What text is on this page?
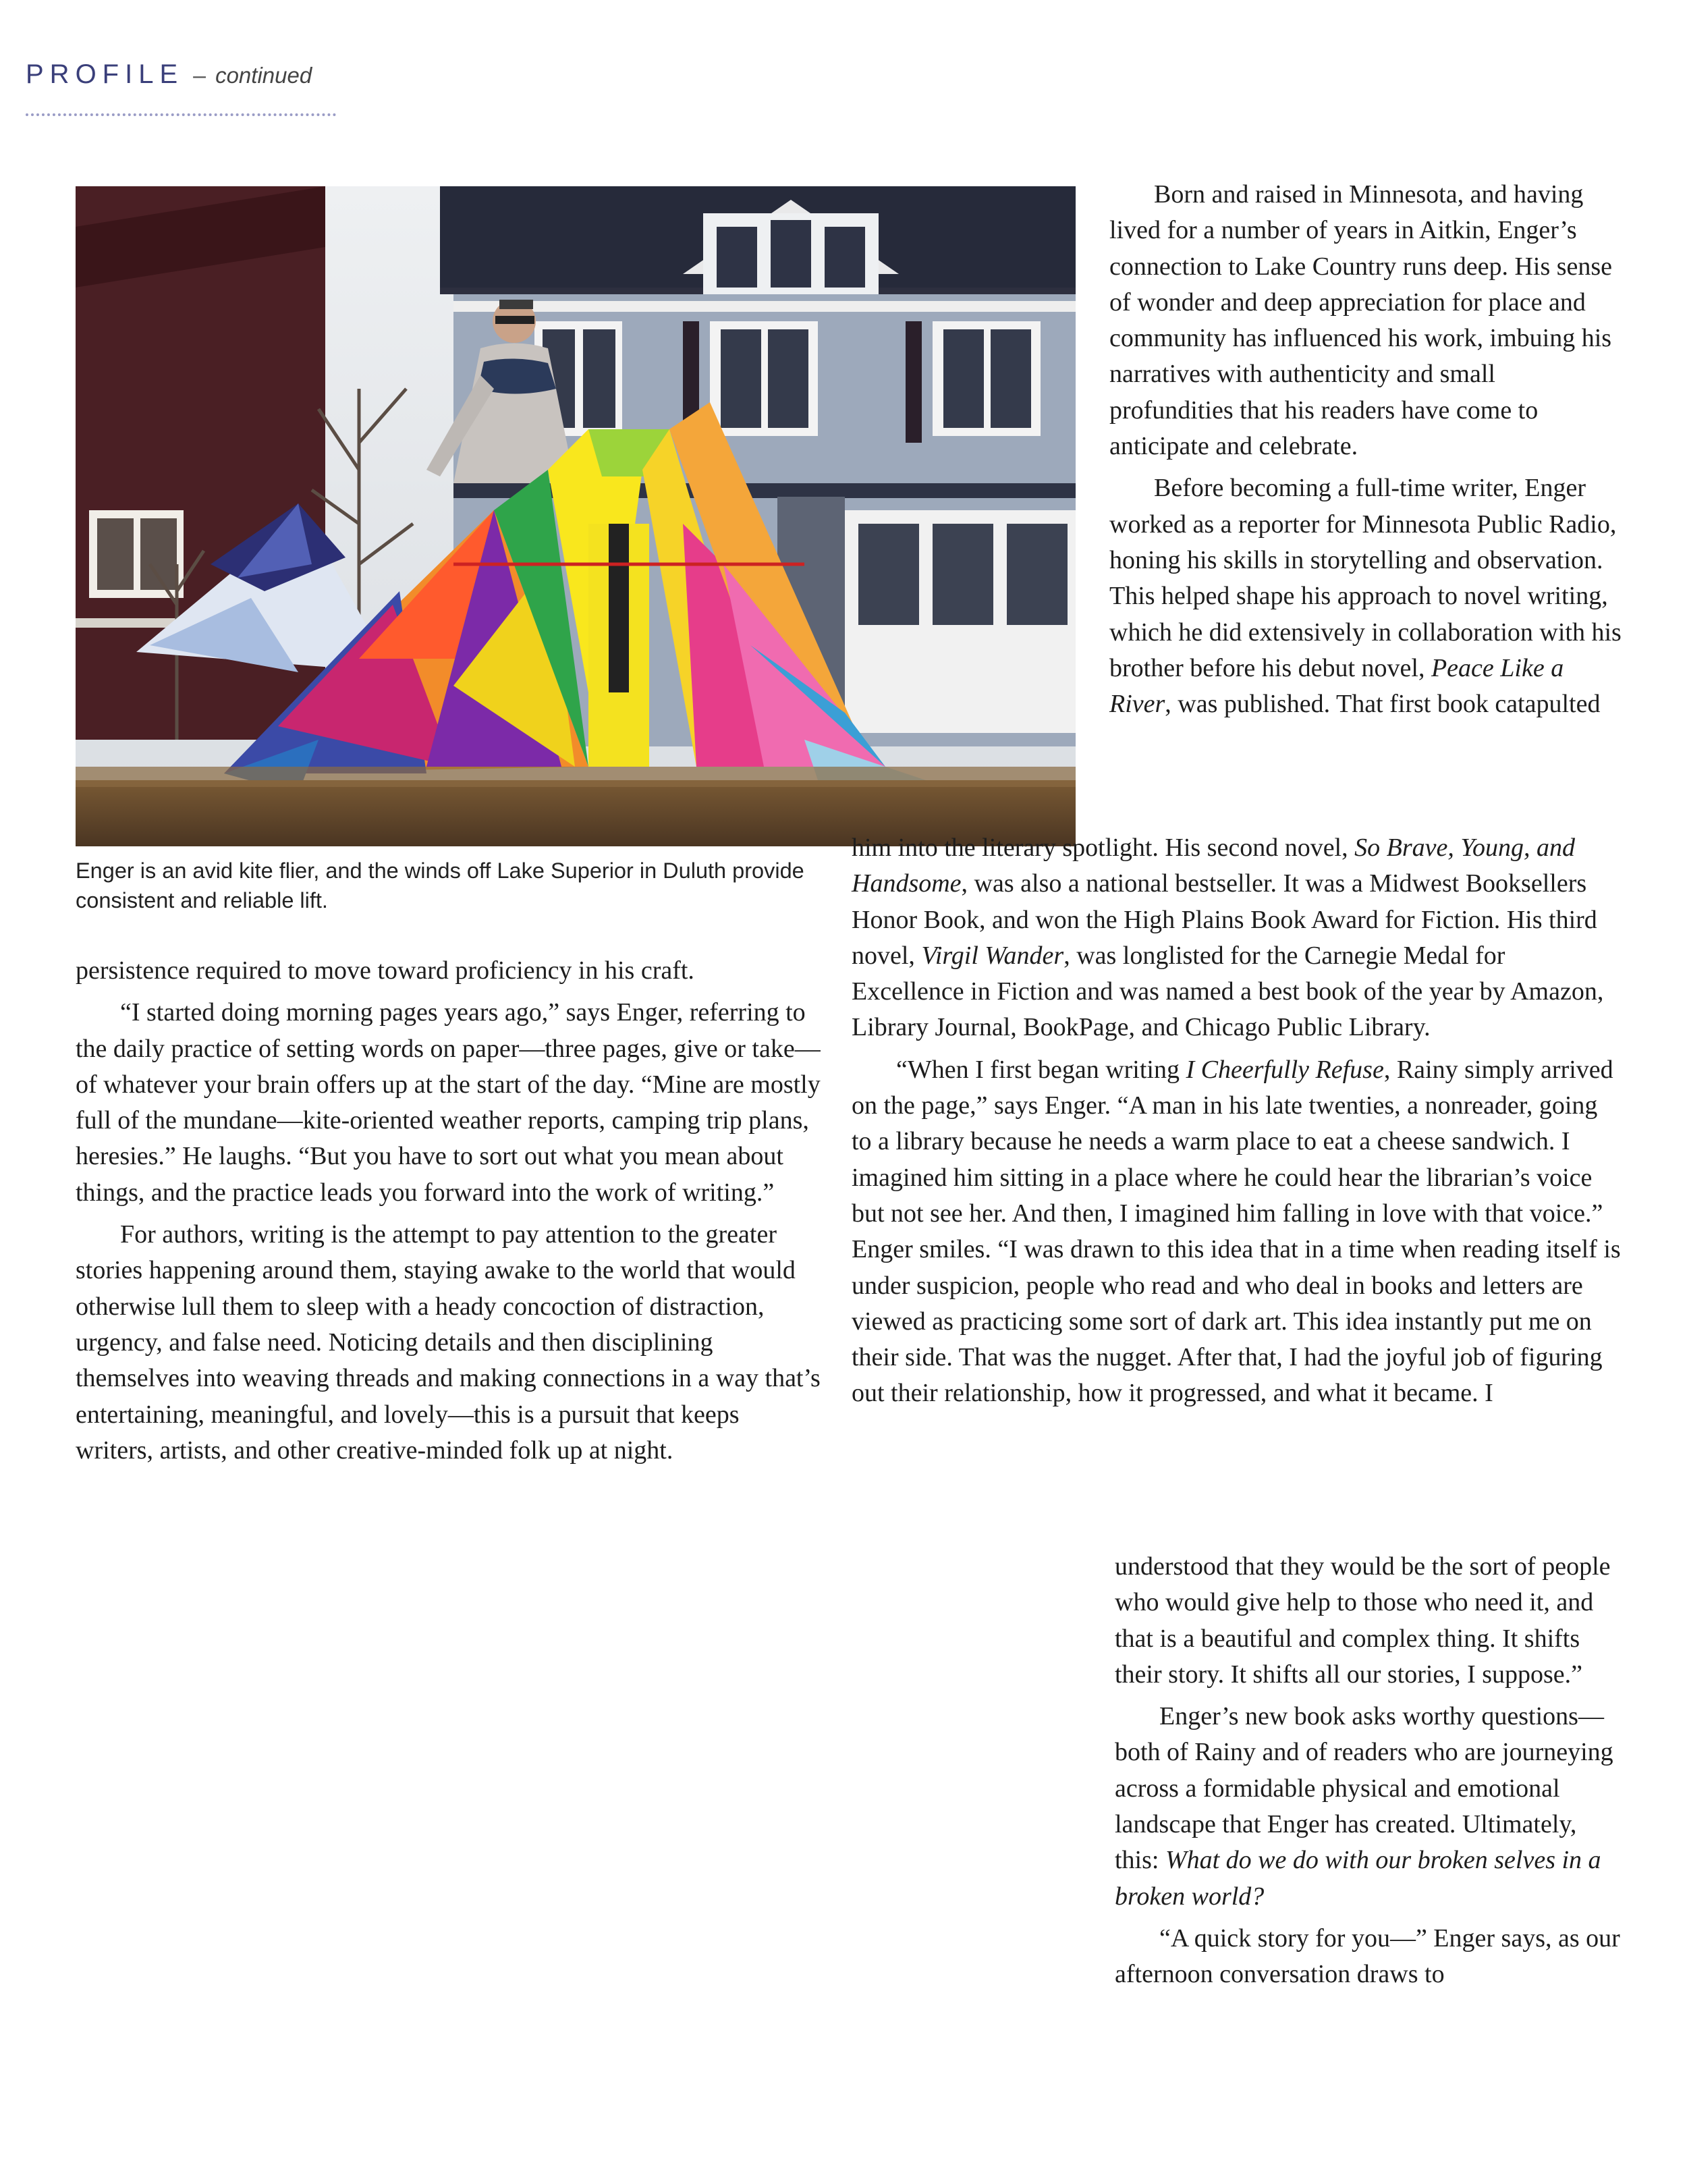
PROFILE – continued
Enger is an avid kite flier, and the winds off Lake Superior in Duluth provide consistent and reliable lift.

Born and raised in Minnesota, and having lived for a number of years in Aitkin, Enger’s connection to Lake Country runs deep. His sense of wonder and deep appreciation for place and community has influenced his work, imbuing his narratives with authenticity and small profundities that his readers have come to anticipate and celebrate.

Before becoming a full-time writer, Enger worked as a reporter for Minnesota Public Radio, honing his skills in storytelling and observation. This helped shape his approach to novel writing, which he did extensively in collaboration with his brother before his debut novel, Peace Like a River, was published. That first book catapulted

him into the literary spotlight. His second novel, So Brave, Young, and Handsome, was also a national bestseller. It was a Midwest Booksellers Honor Book, and won the High Plains Book Award for Fiction. His third novel, Virgil Wander, was longlisted for the Carnegie Medal for Excellence in Fiction and was named a best book of the year by Amazon, Library Journal, BookPage, and Chicago Public Library.

“When I first began writing I Cheerfully Refuse, Rainy simply arrived on the page,” says Enger. “A man in his late twenties, a nonreader, going to a library because he needs a warm place to eat a cheese sandwich. I imagined him sitting in a place where he could hear the librarian’s voice but not see her. And then, I imagined him falling in love with that voice.” Enger smiles. “I was drawn to this idea that in a time when reading itself is under suspicion, people who read and who deal in books and letters are viewed as practicing some sort of dark art. This idea instantly put me on their side. That was the nugget. After that, I had the joyful job of figuring out their relationship, how it progressed, and what it became. I

understood that they would be the sort of people who would give help to those who need it, and that is a beautiful and complex thing. It shifts their story. It shifts all our stories, I suppose.”

Enger’s new book asks worthy questions—both of Rainy and of readers who are journeying across a formidable physical and emotional landscape that Enger has created. Ultimately, this: What do we do with our broken selves in a broken world?

“A quick story for you—” Enger says, as our afternoon conversation draws to

persistence required to move toward proficiency in his craft.

“I started doing morning pages years ago,” says Enger, referring to the daily practice of setting words on paper—three pages, give or take—of whatever your brain offers up at the start of the day. “Mine are mostly full of the mundane—kite-oriented weather reports, camping trip plans, heresies.” He laughs. “But you have to sort out what you mean about things, and the practice leads you forward into the work of writing.”

For authors, writing is the attempt to pay attention to the greater stories happening around them, staying awake to the world that would otherwise lull them to sleep with a heady concoction of distraction, urgency, and false need. Noticing details and then disciplining themselves into weaving threads and making connections in a way that’s entertaining, meaningful, and lovely—this is a pursuit that keeps writers, artists, and other creative-minded folk up at night.
